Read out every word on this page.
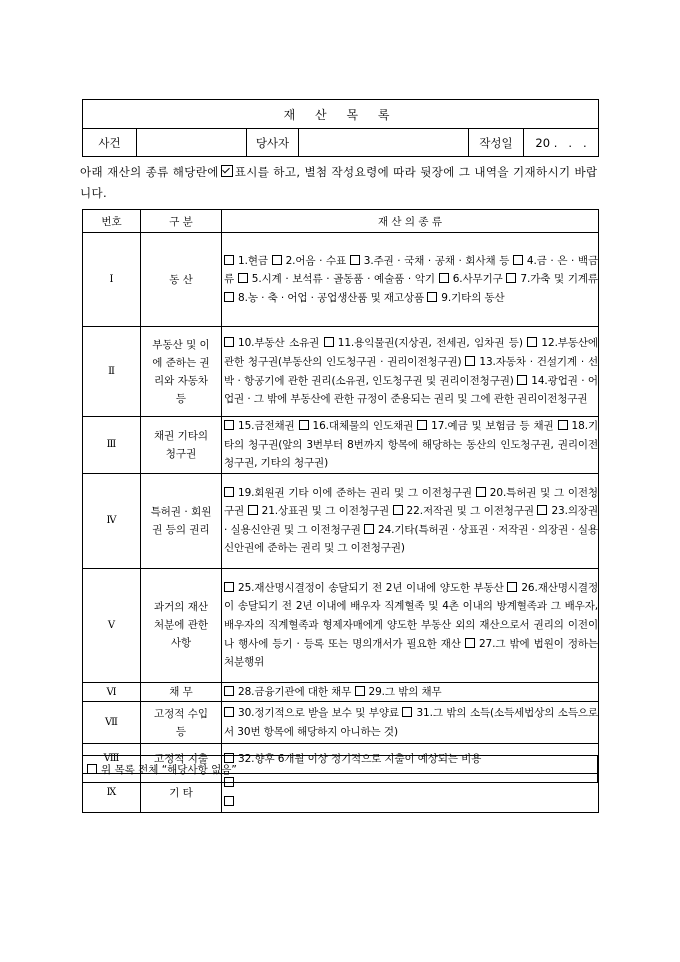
재 산 목 록
사건		당사자		작성일	20 .   .   .
아래 재산의 종류 해당란에 표시를 하고, 별첨 작성요령에 따라 뒷장에 그 내역을 기재하시기 바랍니다.
번호	구 분	재 산 의 종 류
Ⅰ	동 산	1.현금 2.어음 · 수표 3.주권 · 국채 · 공채 · 회사채 등 4.금 · 은 · 백금류 5.시계 · 보석류 · 골동품 · 예술품 · 악기 6.사무기구 7.가축 및 기계류 8.농 · 축 · 어업 · 공업생산품 및 재고상품 9.기타의 동산
Ⅱ	부동산 및 이에 준하는 권리와 자동차 등	10.부동산 소유권 11.용익물권(지상권, 전세권, 임차권 등) 12.부동산에 관한 청구권(부동산의 인도청구권 · 권리이전청구권) 13.자동차 · 건설기계 · 선박 · 항공기에 관한 권리(소유권, 인도청구권 및 권리이전청구권) 14.광업권 · 어업권 · 그 밖에 부동산에 관한 규정이 준용되는 권리 및 그에 관한 권리이전청구권
Ⅲ	채권 기타의 청구권	15.금전채권 16.대체물의 인도채권 17.예금 및 보험금 등 채권 18.기타의 청구권(앞의 3번부터 8번까지 항목에 해당하는 동산의 인도청구권, 권리이전청구권, 기타의 청구권)
Ⅳ	특허권 · 회원권 등의 권리	19.회원권 기타 이에 준하는 권리 및 그 이전청구권 20.특허권 및 그 이전청구권 21.상표권 및 그 이전청구권 22.저작권 및 그 이전청구권 23.의장권 · 실용신안권 및 그 이전청구권 24.기타(특허권 · 상표권 · 저작권 · 의장권 · 실용신안권에 준하는 권리 및 그 이전청구권)
Ⅴ	과거의 재산처분에 관한 사항	25.재산명시결정이 송달되기 전 2년 이내에 양도한 부동산 26.재산명시결정이 송달되기 전 2년 이내에 배우자 직계혈족 및 4촌 이내의 방계혈족과 그 배우자, 배우자의 직계혈족과 형제자매에게 양도한 부동산 외의 재산으로서 권리의 이전이나 행사에 등기 · 등록 또는 명의개서가 필요한 재산 27.그 밖에 법원이 정하는 처분행위
Ⅵ	채 무	28.금융기관에 대한 채무 29.그 밖의 채무
Ⅶ	고정적 수입 등	30.정기적으로 받을 보수 및 부양료 31.그 밖의 소득(소득세법상의 소득으로서 30번 항목에 해당하지 아니하는 것)
Ⅷ	고정적 지출	32.향후 6개월 이상 정기적으로 지출이 예상되는 비용
Ⅸ	기 타	

위 목록 전체 “해당사항 없음”
